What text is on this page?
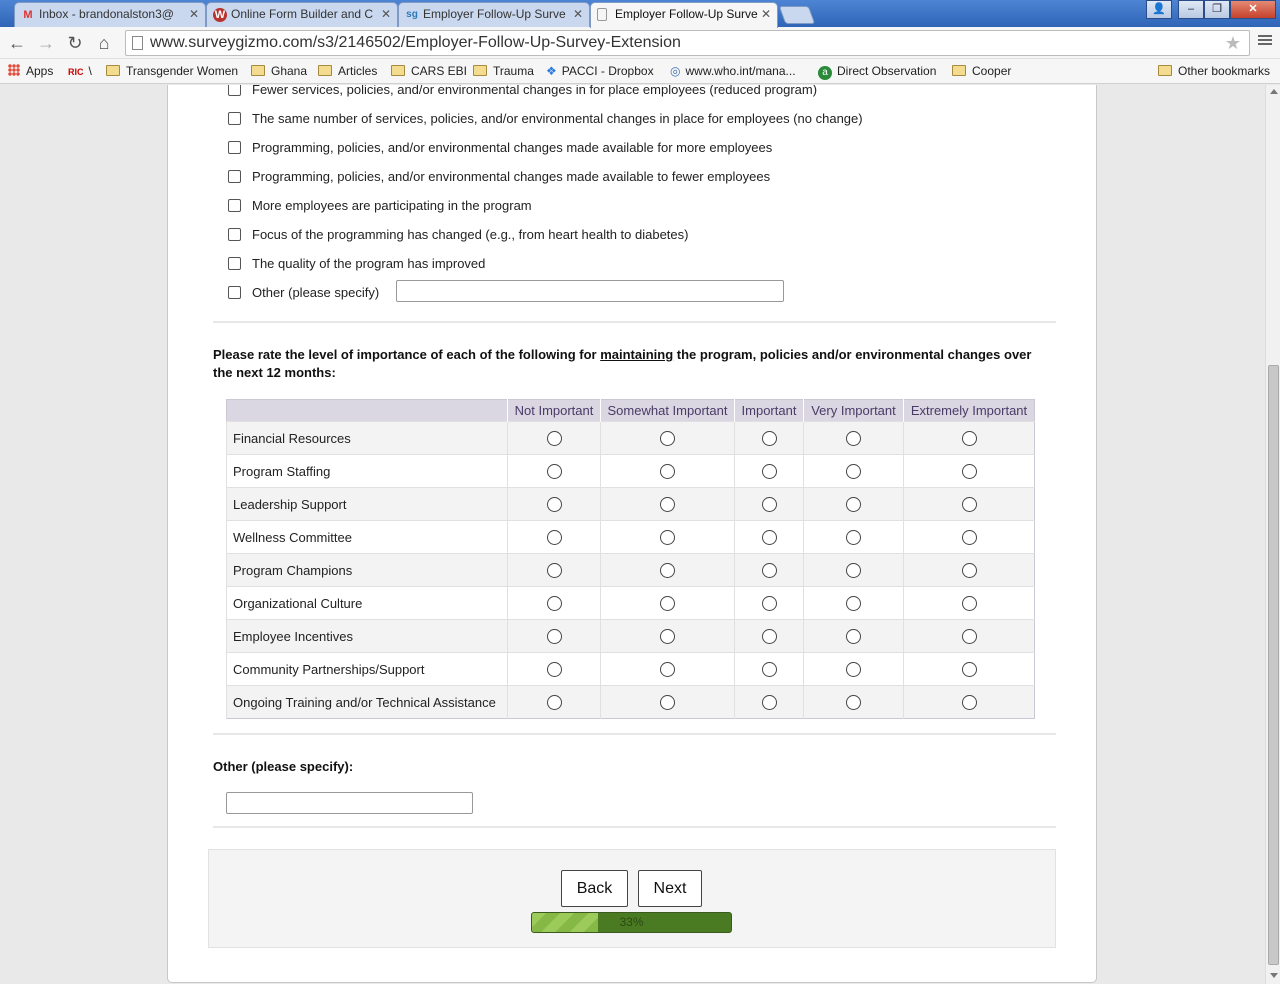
M Inbox - brandonalston3@ ✕ W Online Form Builder and C ✕ sg Employer Follow-Up Surve ✕	Employer Follow-Up Surve ✕	👤	–	❐	✕
← → ↻ ⌂	www.surveygizmo.com/s3/2146502/Employer-Follow-Up-Survey-Extension	★
Apps RIC \	Transgender Women	Ghana	Articles	CARS EBI	Trauma ❖ PACCI - Dropbox ◎ www.who.int/mana...	a Direct Observation	Cooper	Other bookmarks
Fewer services, policies, and/or environmental changes in for place employees (reduced program)
The same number of services, policies, and/or environmental changes in place for employees (no change)
Programming, policies, and/or environmental changes made available for more employees
Programming, policies, and/or environmental changes made available to fewer employees
More employees are participating in the program
Focus of the programming has changed (e.g., from heart health to diabetes)
The quality of the program has improved
Other (please specify)
Please rate the level of importance of each of the following for maintaining the program, policies and/or environmental changes over the next 12 months:
	Not Important	Somewhat Important	Important	Very Important	Extremely Important
Financial Resources					
Program Staffing					
Leadership Support					
Wellness Committee					
Program Champions					
Organizational Culture					
Employee Incentives					
Community Partnerships/Support					
Ongoing Training and/or Technical Assistance					
Other (please specify):
Back	Next
33%
